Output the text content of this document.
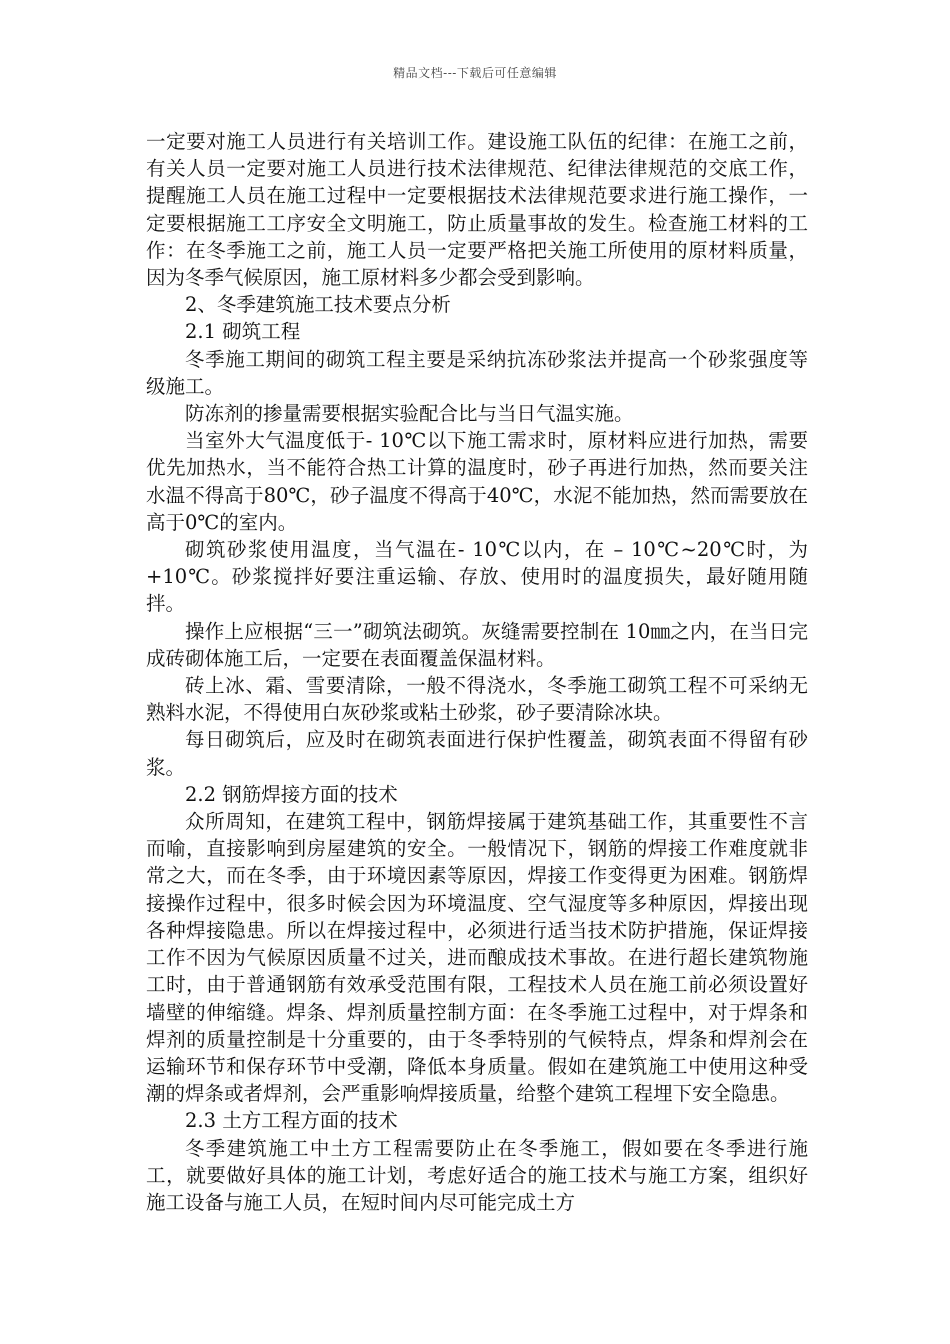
精品文档---下载后可任意编辑

一定要对施工人员进行有关培训工作。建设施工队伍的纪律：在施工之前，有关人员一定要对施工人员进行技术法律规范、纪律法律规范的交底工作，提醒施工人员在施工过程中一定要根据技术法律规范要求进行施工操作，一定要根据施工工序安全文明施工，防止质量事故的发生。检查施工材料的工作：在冬季施工之前，施工人员一定要严格把关施工所使用的原材料质量，因为冬季气候原因，施工原材料多少都会受到影响。

2、冬季建筑施工技术要点分析

2.1 砌筑工程

冬季施工期间的砌筑工程主要是采纳抗冻砂浆法并提高一个砂浆强度等级施工。

防冻剂的掺量需要根据实验配合比与当日气温实施。

当室外大气温度低于- 10℃以下施工需求时，原材料应进行加热，需要优先加热水，当不能符合热工计算的温度时，砂子再进行加热，然而要关注水温不得高于80℃，砂子温度不得高于40℃，水泥不能加热，然而需要放在高于0℃的室内。

砌筑砂浆使用温度，当气温在- 10℃以内，在 – 10℃~20℃时，为 +10℃。砂浆搅拌好要注重运输、存放、使用时的温度损失，最好随用随拌。

操作上应根据“三一”砌筑法砌筑。灰缝需要控制在 10㎜之内，在当日完成砖砌体施工后，一定要在表面覆盖保温材料。

砖上冰、霜、雪要清除，一般不得浇水，冬季施工砌筑工程不可采纳无熟料水泥，不得使用白灰砂浆或粘土砂浆，砂子要清除冰块。

每日砌筑后，应及时在砌筑表面进行保护性覆盖，砌筑表面不得留有砂浆。

2.2 钢筋焊接方面的技术

众所周知，在建筑工程中，钢筋焊接属于建筑基础工作，其重要性不言而喻，直接影响到房屋建筑的安全。一般情况下，钢筋的焊接工作难度就非常之大，而在冬季，由于环境因素等原因，焊接工作变得更为困难。钢筋焊接操作过程中，很多时候会因为环境温度、空气湿度等多种原因，焊接出现各种焊接隐患。所以在焊接过程中，必须进行适当技术防护措施，保证焊接工作不因为气候原因质量不过关，进而酿成技术事故。在进行超长建筑物施工时，由于普通钢筋有效承受范围有限，工程技术人员在施工前必须设置好墙壁的伸缩缝。焊条、焊剂质量控制方面：在冬季施工过程中，对于焊条和焊剂的质量控制是十分重要的，由于冬季特别的气候特点，焊条和焊剂会在运输环节和保存环节中受潮，降低本身质量。假如在建筑施工中使用这种受潮的焊条或者焊剂，会严重影响焊接质量，给整个建筑工程埋下安全隐患。

2.3 土方工程方面的技术

冬季建筑施工中土方工程需要防止在冬季施工，假如要在冬季进行施工，就要做好具体的施工计划，考虑好适合的施工技术与施工方案，组织好施工设备与施工人员，在短时间内尽可能完成土方
